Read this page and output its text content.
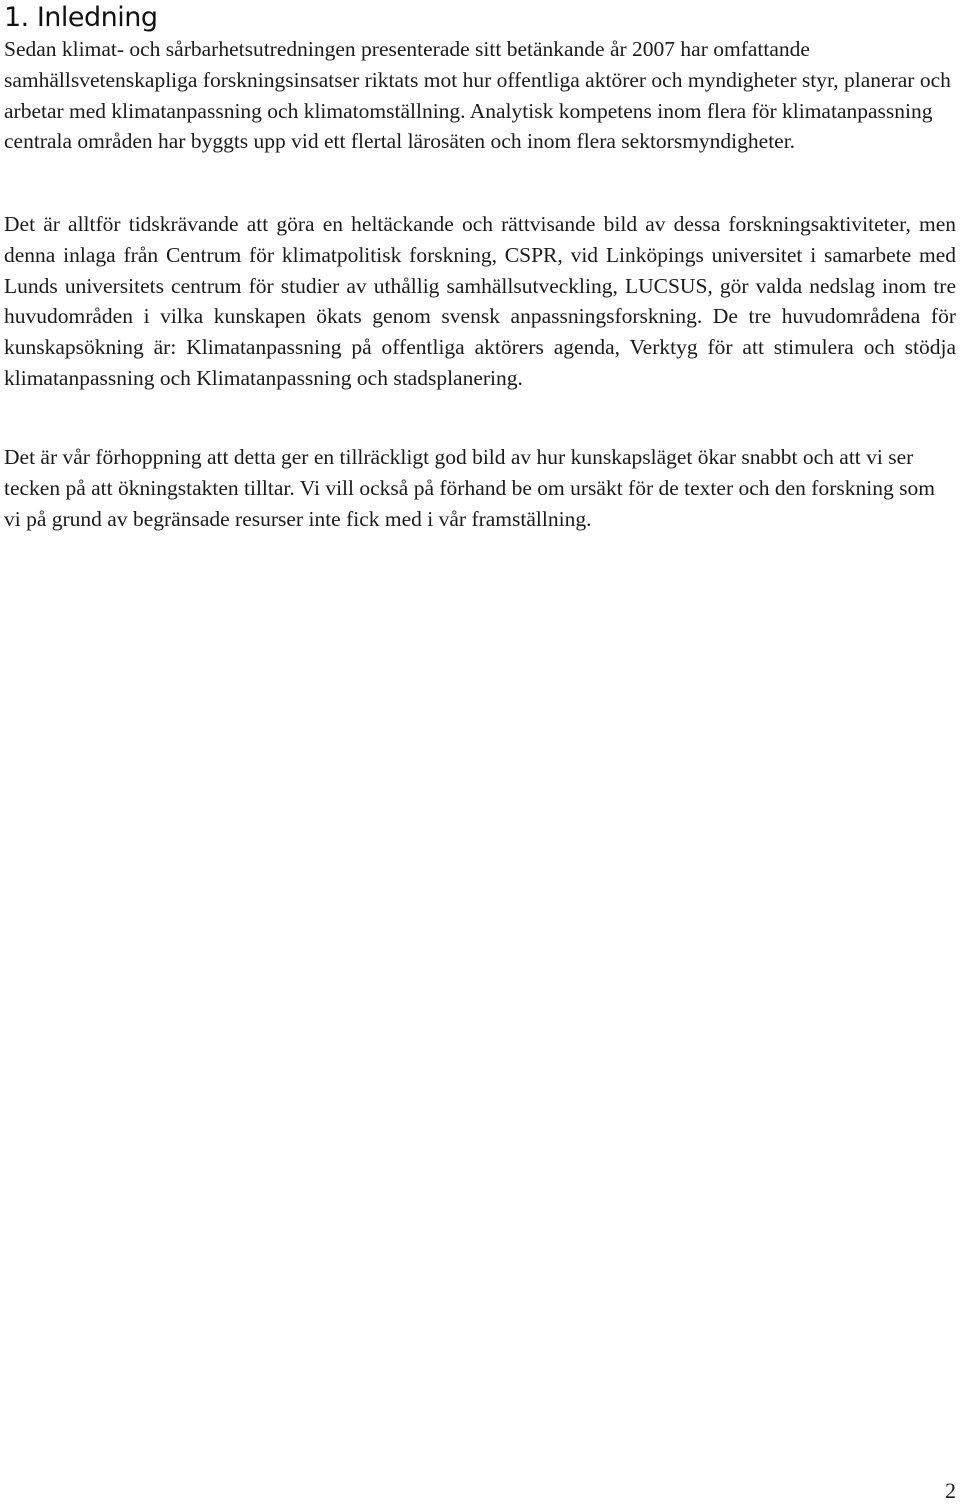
1. Inledning

Sedan klimat- och sårbarhetsutredningen presenterade sitt betänkande år 2007 har omfattande samhällsvetenskapliga forskningsinsatser riktats mot hur offentliga aktörer och myndigheter styr, planerar och arbetar med klimatanpassning och klimatomställning. Analytisk kompetens inom flera för klimatanpassning centrala områden har byggts upp vid ett flertal lärosäten och inom flera sektorsmyndigheter.

Det är alltför tidskrävande att göra en heltäckande och rättvisande bild av dessa forskningsaktiviteter, men denna inlaga från Centrum för klimatpolitisk forskning, CSPR, vid Linköpings universitet i samarbete med Lunds universitets centrum för studier av uthållig samhällsutveckling, LUCSUS, gör valda nedslag inom tre huvudområden i vilka kunskapen ökats genom svensk anpassningsforskning. De tre huvudområdena för kunskapsökning är: Klimatanpassning på offentliga aktörers agenda, Verktyg för att stimulera och stödja klimatanpassning och Klimatanpassning och stadsplanering.

Det är vår förhoppning att detta ger en tillräckligt god bild av hur kunskapsläget ökar snabbt och att vi ser tecken på att ökningstakten tilltar. Vi vill också på förhand be om ursäkt för de texter och den forskning som vi på grund av begränsade resurser inte fick med i vår framställning.

2
